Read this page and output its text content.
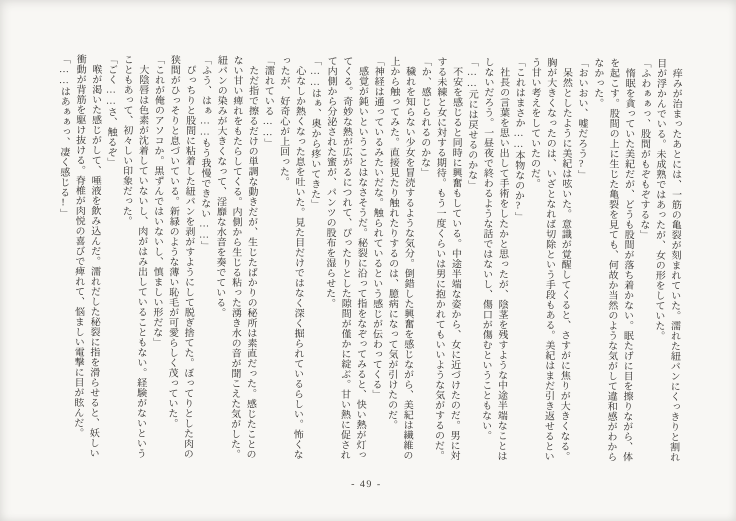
痒みが治まったあとには、一筋の亀裂が刻まれていた。濡れた紐パンにくっきりと割れ
目が浮かんでいる。未成熟ではあったが、女の形をしていた。
「ふわぁぁっ、股間がもぞもぞするな」
惰眠を貪っていた美紀だが、どうも股間が落ち着かない。眠たげに目を擦りながら、体
を起こす。股間の上に生じた亀裂を見ても、何故か当然のような気がして違和感がわから
なかった。
「おいおい、嘘だろう?」
呆然としたように美紀は呟いた。意識が覚醒してくると、さすがに焦りが大きくなる。
胸が大きくなったのは、いざとなれば切除という手段もある。美紀はまだ引き返せるとい
う甘い考えをしていたのだ。
「これはまさか……本物なのか?」
社長の言葉を思い出して手術をしたかと思ったが、陰茎を残すような中途半端なことは
しないだろう。一昼夜で終わるような話ではないし、傷口が傷むということもない。
「……元には戻せるのかな」
不安を感じると同時に興奮もしている。中途半端な姿から、女に近づけたのだ。男に対
する未練と女に対する期待。もう一度くらいは男に抱かれてもいいような気がするのだ。
「か、感じられるのかな」
穢れを知らない少女を冒涜するような気分。倒錯した興奮を感じながら、美紀は繊維の
上から触ってみた。直接見たり触れたりするのは、臆病になって気が引けたのだ。
「神経は通っているみたいだな。触られているという感じが伝わってくる」
感覚が鈍いということはなさそうだ。秘裂に沿って指をなぞってみると、快い熱が灯っ
てくる。奇妙な熱が広がるにつれて、ぴったりとした隙間が僅かに綻ぶ。甘い熱に促され
て内側から分泌された蜜が、パンツの股布を湿らせた。
「……はぁ、奥から疼いてきた」
心なしか熱くなった息を吐いた。見た目だけではなく深く掘られているらしい。怖くな
ったが、好奇心が上回った。
「濡れている……」
ただ指で擦るだけの単調な動きだが、生じたばかりの秘所は素直だった。感じたことの
ない甘い痺れをもたらしてくる。内側から生じる粘った湧き水の音が聞こえた気がした。
紐パンの染みが大きくなって、淫靡な水音を奏でている。
「ふう、はぁ……もう我慢できない……」
ぴっちりと股間に粘着した紐パンを剥がすようにして脱ぎ捨てた。ぼってりとした肉の
狭間がひっそりと息づいている。新緑のような薄い恥毛が可愛らしく茂っていた。
「これが俺のアソコか。黒ずんではいないし、慎ましい形だな」
大陰唇は色素が沈着していないし、肉がはみ出していることもない。経験がないという
こともあって、初々しい印象だった。
「ごく……さ、触るぞ」
喉が渇いた感じがして、唾液を飲み込んだ。濡れだした秘裂に指を滑らせると、妖しい
衝動が背筋を駆け抜ける。脊椎が肉悦の喜びで痺れて、悩ましい電撃に目が眩んだ。
「……はあぁぁっ、凄く感じる!」
- 49 -
